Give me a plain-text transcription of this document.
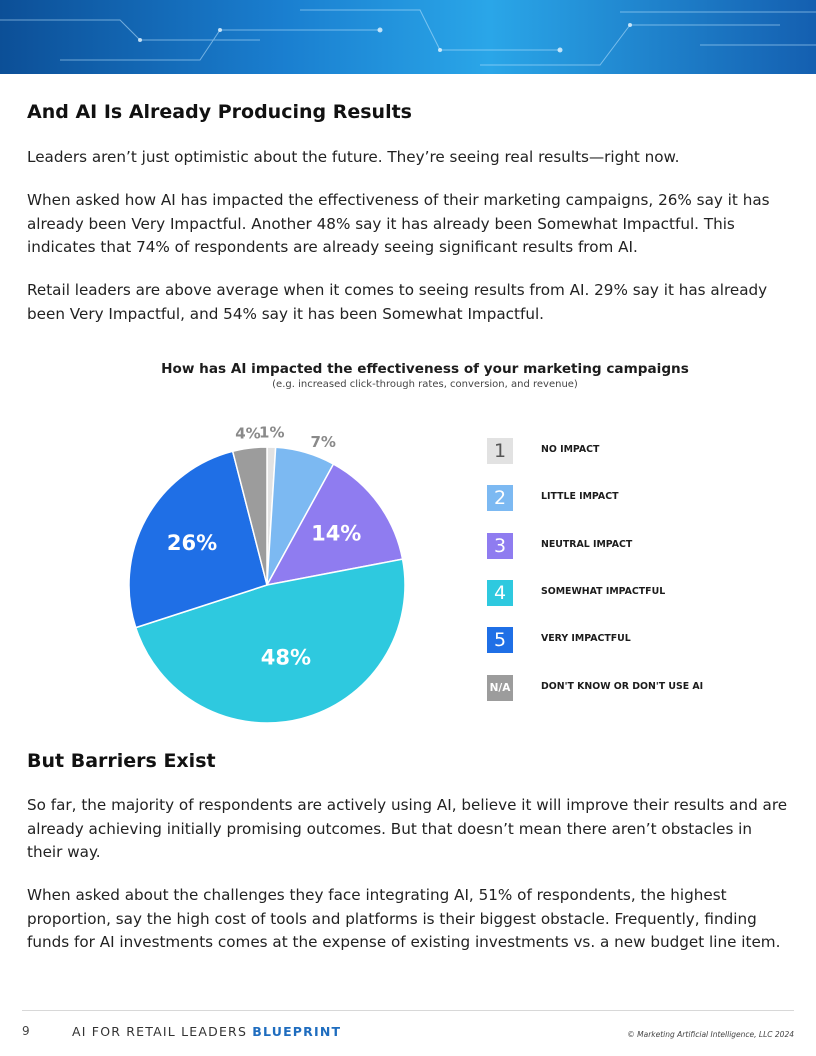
And AI Is Already Producing Results

Leaders aren’t just optimistic about the future. They’re seeing real results—right now.

When asked how AI has impacted the effectiveness of their marketing campaigns, 26% say it has already been Very Impactful. Another 48% say it has already been Somewhat Impactful. This indicates that 74% of respondents are already seeing significant results from AI.

Retail leaders are above average when it comes to seeing results from AI. 29% say it has already been Very Impactful, and 54% say it has been Somewhat Impactful.

How has AI impacted the effectiveness of your marketing campaigns
(e.g. increased click-through rates, conversion, and revenue)
1%
7%
14%
48%
26%
4%
1	NO IMPACT
2	LITTLE IMPACT
3	NEUTRAL IMPACT
4	SOMEWHAT IMPACTFUL
5	VERY IMPACTFUL
N/A	DON'T KNOW OR DON'T USE AI
But Barriers Exist

So far, the majority of respondents are actively using AI, believe it will improve their results and are already achieving initially promising outcomes. But that doesn’t mean there aren’t obstacles in their way.

When asked about the challenges they face integrating AI, 51% of respondents, the highest proportion, say the high cost of tools and platforms is their biggest obstacle. Frequently, finding funds for AI investments comes at the expense of existing investments vs. a new budget line item.

9	AI FOR RETAIL LEADERS BLUEPRINT	© Marketing Artificial Intelligence, LLC 2024
